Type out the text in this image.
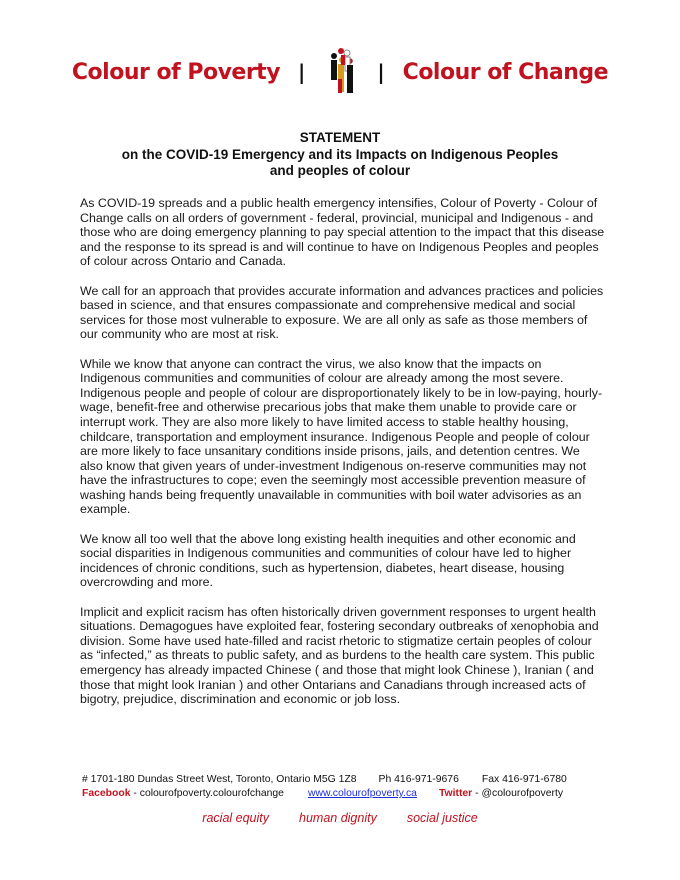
Colour of Poverty |	| Colour of Change
STATEMENT
on the COVID-19 Emergency and its Impacts on Indigenous Peoples
and peoples of colour

As COVID-19 spreads and a public health emergency intensifies, Colour of Poverty - Colour of Change calls on all orders of government - federal, provincial, municipal and Indigenous - and those who are doing emergency planning to pay special attention to the impact that this disease and the response to its spread is and will continue to have on Indigenous Peoples and peoples of colour across Ontario and Canada.

We call for an approach that provides accurate information and advances practices and policies based in science, and that ensures compassionate and comprehensive medical and social services for those most vulnerable to exposure. We are all only as safe as those members of our community who are most at risk.

While we know that anyone can contract the virus, we also know that the impacts on Indigenous communities and communities of colour are already among the most severe. Indigenous people and people of colour are disproportionately likely to be in low-paying, hourly-wage, benefit-free and otherwise precarious jobs that make them unable to provide care or interrupt work. They are also more likely to have limited access to stable healthy housing, childcare, transportation and employment insurance. Indigenous People and people of colour are more likely to face unsanitary conditions inside prisons, jails, and detention centres. We also know that given years of under-investment Indigenous on-reserve communities may not have the infrastructures to cope; even the seemingly most accessible prevention measure of washing hands being frequently unavailable in communities with boil water advisories as an example.

We know all too well that the above long existing health inequities and other economic and social disparities in Indigenous communities and communities of colour have led to higher incidences of chronic conditions, such as hypertension, diabetes, heart disease, housing overcrowding and more.

Implicit and explicit racism has often historically driven government responses to urgent health situations. Demagogues have exploited fear, fostering secondary outbreaks of xenophobia and division. Some have used hate-filled and racist rhetoric to stigmatize certain peoples of colour as “infected,” as threats to public safety, and as burdens to the health care system. This public emergency has already impacted Chinese ( and those that might look Chinese ), Iranian ( and those that might look Iranian ) and other Ontarians and Canadians through increased acts of bigotry, prejudice, discrimination and economic or job loss.

# 1701-180 Dundas Street West, Toronto, Ontario M5G 1Z8 Ph 416-971-9676 Fax 416-971-6780
Facebook - colourofpoverty.colourofchange www.colourofpoverty.ca Twitter - @colourofpoverty
racial equity human dignity social justice
